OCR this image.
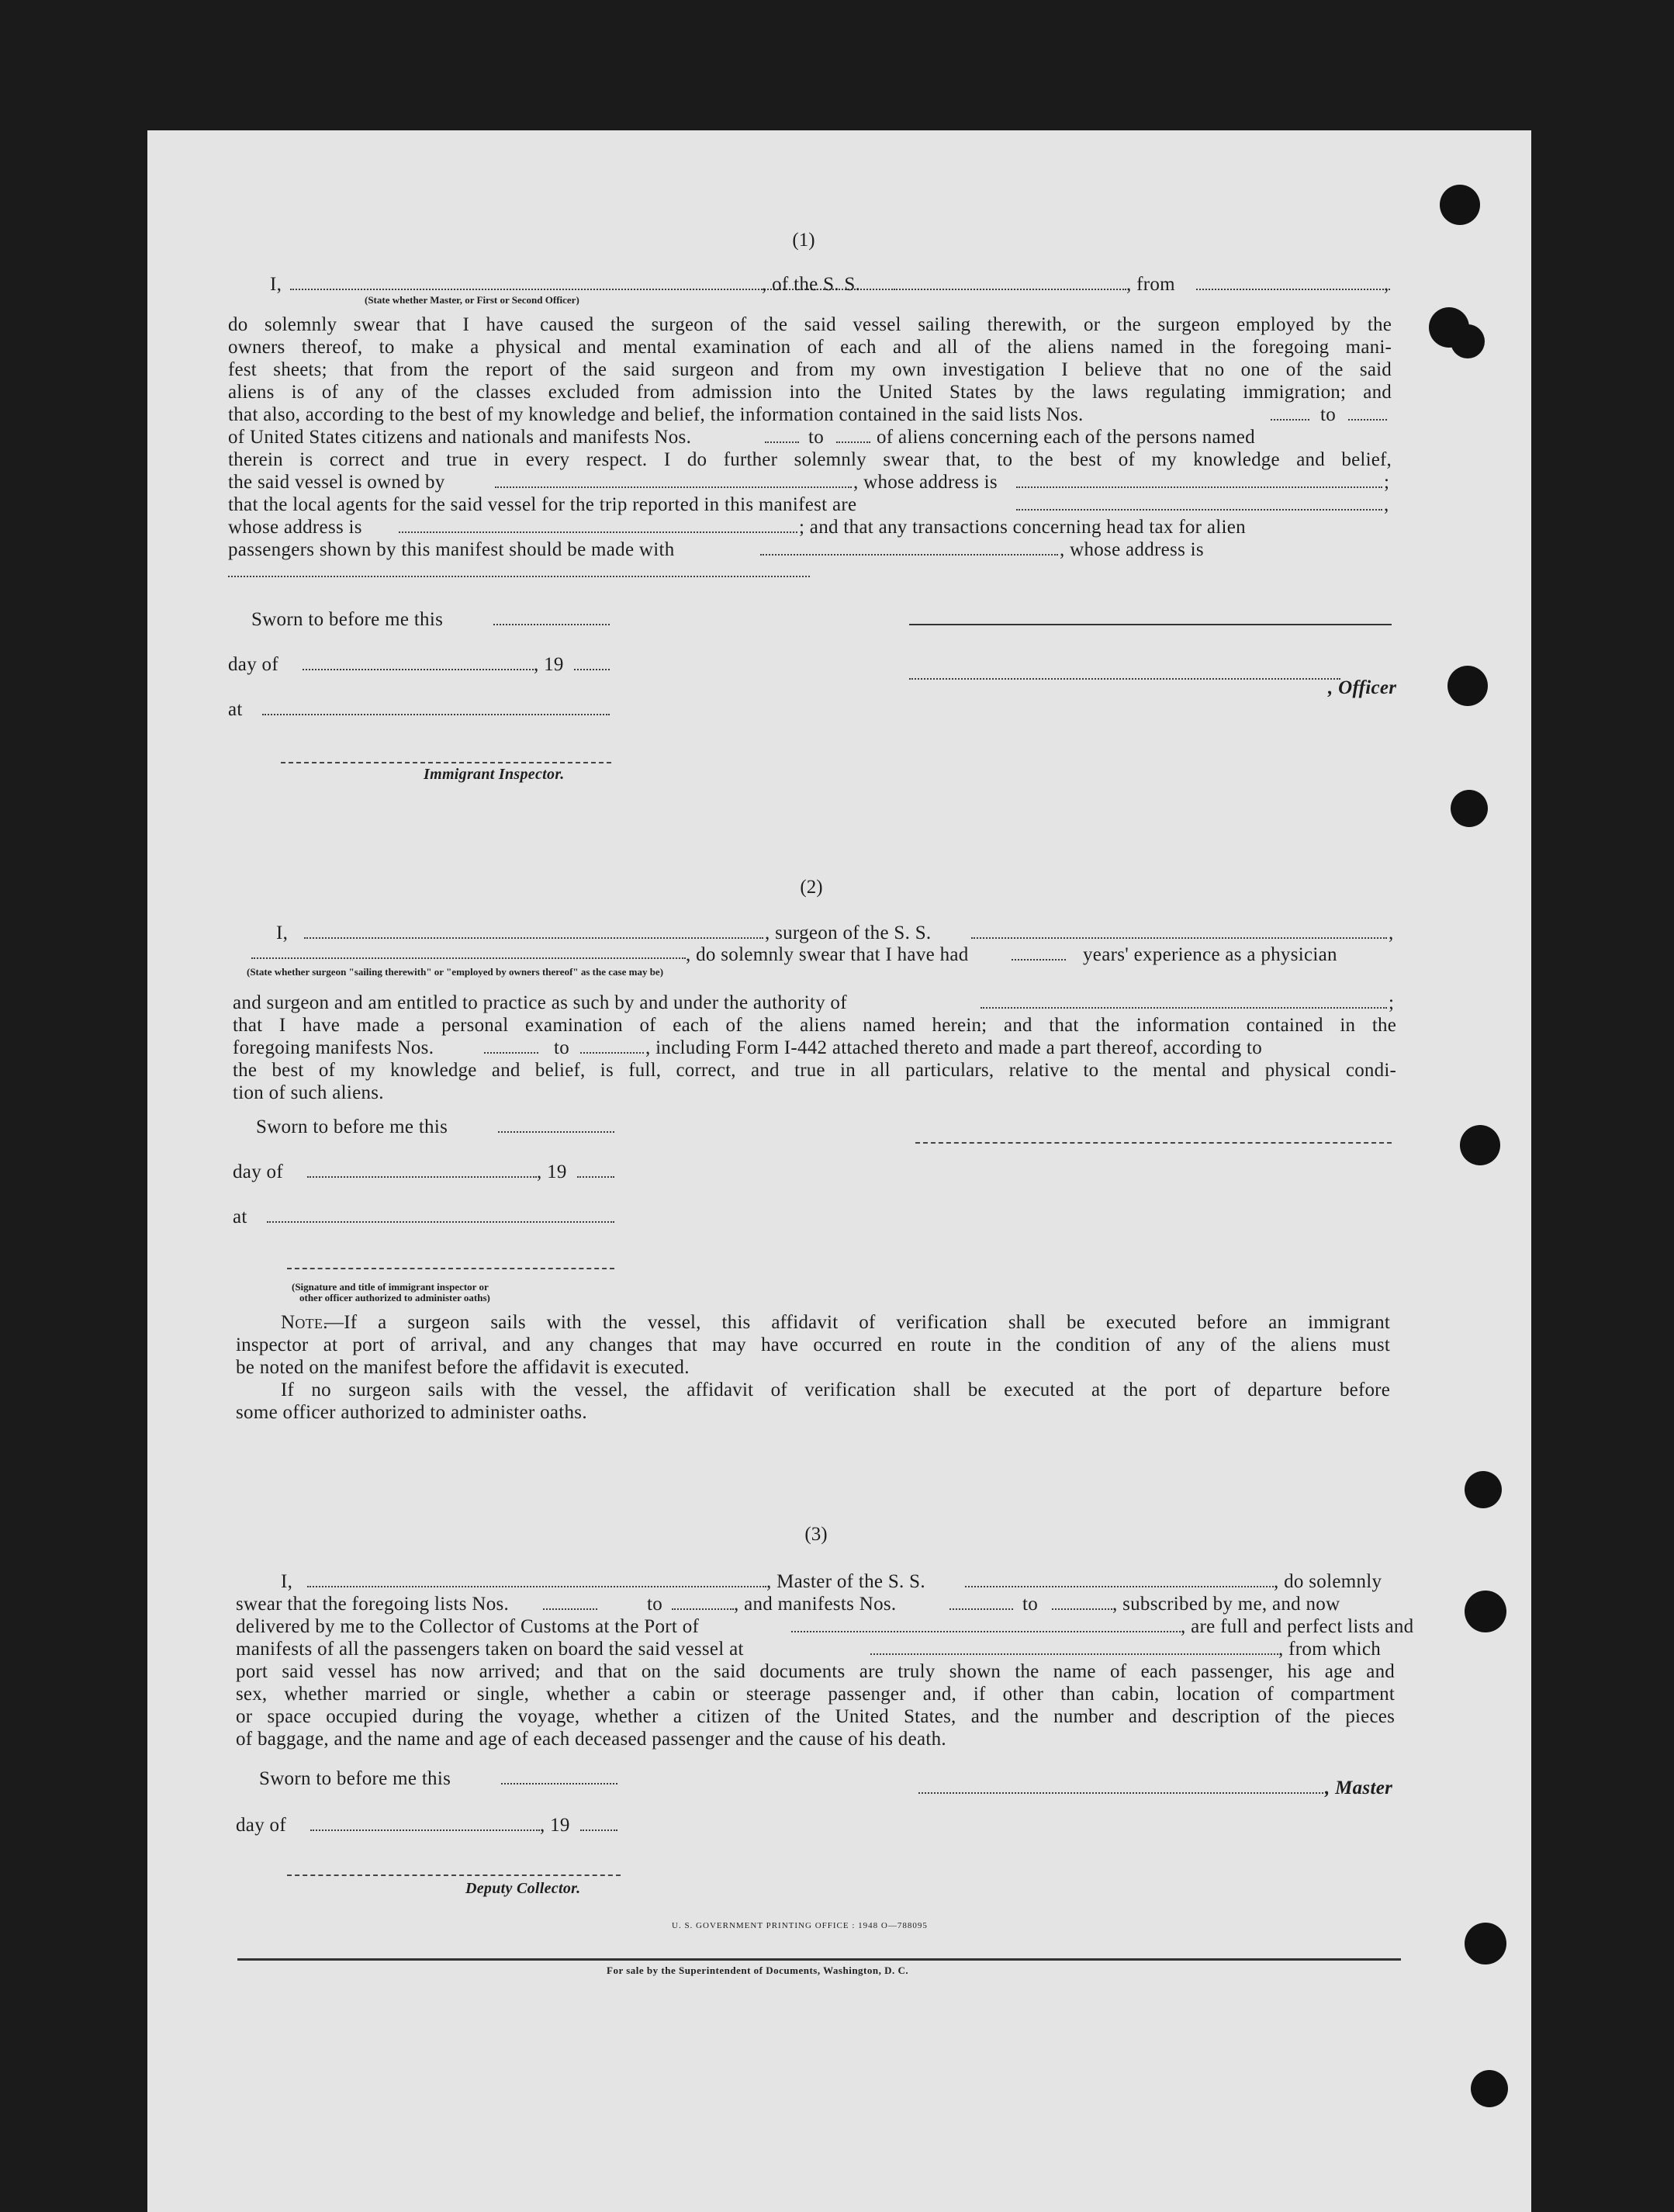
(1)
I,	, of the S. S.	, from	,
(State whether Master, or First or Second Officer)
do solemnly swear that I have caused the surgeon of the said vessel sailing therewith, or the surgeon employed by the
owners thereof, to make a physical and mental examination of each and all of the aliens named in the foregoing mani-
fest sheets; that from the report of the said surgeon and from my own investigation I believe that no one of the said
aliens is of any of the classes excluded from admission into the United States by the laws regulating immigration; and
that also, according to the best of my knowledge and belief, the information contained in the said lists Nos.	to
of United States citizens and nationals and manifests Nos.	to	of aliens concerning each of the persons named
therein is correct and true in every respect. I do further solemnly swear that, to the best of my knowledge and belief,
the said vessel is owned by	, whose address is	;
that the local agents for the said vessel for the trip reported in this manifest are	,
whose address is	; and that any transactions concerning head tax for alien
passengers shown by this manifest should be made with	, whose address is
Sworn to before me this
day of	, 19
, Officer
at
Immigrant Inspector.
(2)
I,	, surgeon of the S. S.	,
, do solemnly swear that I have had	years' experience as a physician
(State whether surgeon "sailing therewith" or "employed by owners thereof" as the case may be)
and surgeon and am entitled to practice as such by and under the authority of	;
that I have made a personal examination of each of the aliens named herein; and that the information contained in the
foregoing manifests Nos.	to	, including Form I-442 attached thereto and made a part thereof, according to
the best of my knowledge and belief, is full, correct, and true in all particulars, relative to the mental and physical condi-
tion of such aliens.
Sworn to before me this
day of	, 19
at
(Signature and title of immigrant inspector or
other officer authorized to administer oaths)
Note.
—If a surgeon sails with the vessel, this affidavit of verification shall be executed before an immigrant
inspector at port of arrival, and any changes that may have occurred en route in the condition of any of the aliens must
be noted on the manifest before the affidavit is executed.
If no surgeon sails with the vessel, the affidavit of verification shall be executed at the port of departure before
some officer authorized to administer oaths.
(3)
I,	, Master of the S. S.	, do solemnly
swear that the foregoing lists Nos.	to	, and manifests Nos.	to	, subscribed by me, and now
delivered by me to the Collector of Customs at the Port of	, are full and perfect lists and
manifests of all the passengers taken on board the said vessel at	, from which
port said vessel has now arrived; and that on the said documents are truly shown the name of each passenger, his age and
sex, whether married or single, whether a cabin or steerage passenger and, if other than cabin, location of compartment
or space occupied during the voyage, whether a citizen of the United States, and the number and description of the pieces
of baggage, and the name and age of each deceased passenger and the cause of his death.
Sworn to before me this	, Master
day of	, 19
Deputy Collector.
U. S. GOVERNMENT PRINTING OFFICE : 1948 O—788095
For sale by the Superintendent of Documents, Washington, D. C.
